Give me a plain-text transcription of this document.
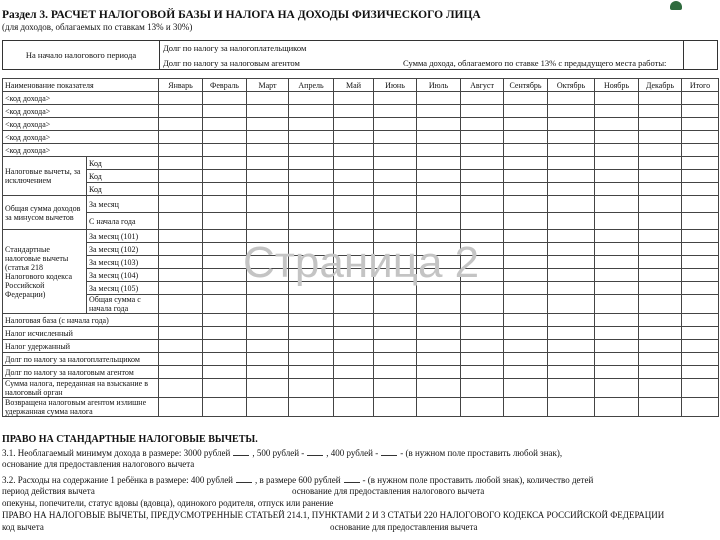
Раздел 3. РАСЧЕТ НАЛОГОВОЙ БАЗЫ И НАЛОГА НА ДОХОДЫ ФИЗИЧЕСКОГО ЛИЦА
(для доходов, облагаемых по ставкам 13% и 30%)
На начало налогового периода
Долг по налогу за налогоплательщиком
Долг по налогу за налоговым агентом	Сумма дохода, облагаемого по ставке 13% с предыдущего места работы:
Наименование показателя		Январь	Февраль	Март	Апрель	Май	Июнь	Июль	Август	Сентябрь	Октябрь	Ноябрь	Декабрь	Итого
<код дохода>														
<код дохода>														
<код дохода>														
<код дохода>														
<код дохода>														
Налоговые вычеты, за исключением	Код													
	Код													
	Код													
Общая сумма доходов за минусом вычетов	За месяц													
	С начала года													
Стандартные налоговые вычеты (статья 218 Налогового кодекса Российской Федерации)	За месяц (101)													
	За месяц (102)													
	За месяц (103)													
	За месяц (104)													
	За месяц (105)													
	Общая сумма с начала года													
Налоговая база (с начала года)														
Налог исчисленный														
Налог удержанный														
Долг по налогу за налогоплательщиком														
Долг по налогу за налоговым агентом														
Сумма налога, переданная на взыскание в налоговый орган														
Возвращена налоговым агентом излишне удержанная сумма налога														
Страница 2
ПРАВО НА СТАНДАРТНЫЕ НАЛОГОВЫЕ ВЫЧЕТЫ.
3.1. Необлагаемый минимум дохода в размере: 3000 рублей , 500 рублей - , 400 рублей - - (в нужном поле проставить любой знак),
основание для предоставления налогового вычета
3.2. Расходы на содержание 1 ребёнка в размере: 400 рублей , в размере 600 рублей - (в нужном поле проставить любой знак), количество детей
период действия вычета	основание для предоставления налогового вычета
опекуны, попечители, статус вдовы (вдовца), одинокого родителя, отпуск или ранение
ПРАВО НА НАЛОГОВЫЕ ВЫЧЕТЫ, ПРЕДУСМОТРЕННЫЕ СТАТЬЕЙ 214.1, ПУНКТАМИ 2 И 3 СТАТЬИ 220 НАЛОГОВОГО КОДЕКСА РОССИЙСКОЙ ФЕДЕРАЦИИ
код вычета	основание для предоставления вычета
